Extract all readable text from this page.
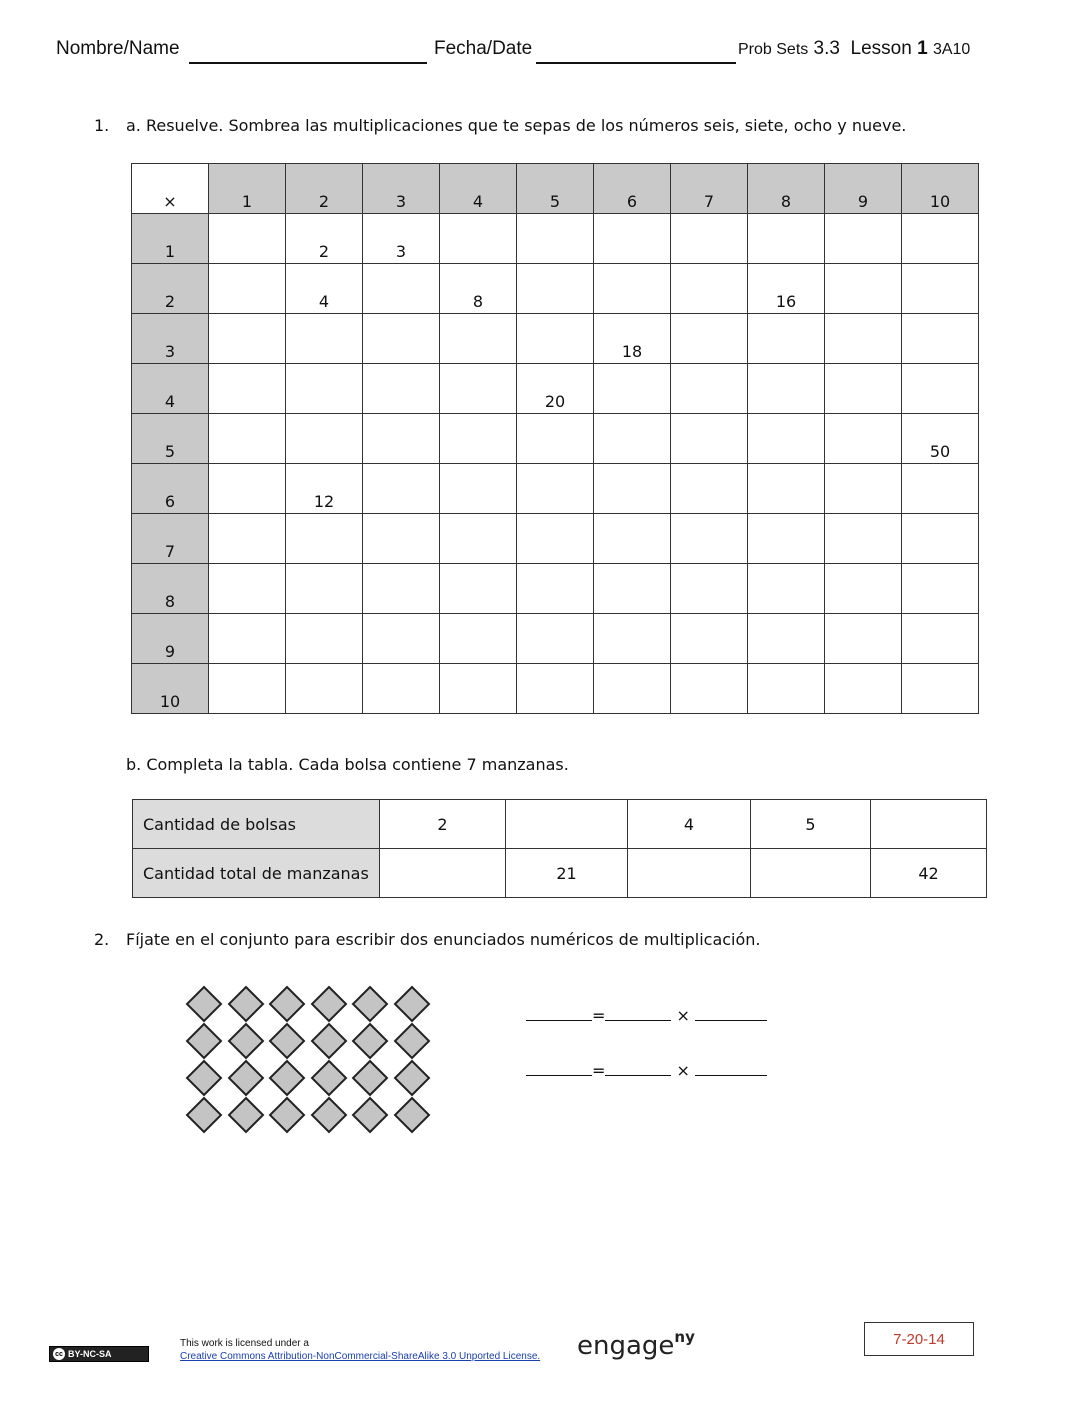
Nombre/Name	Fecha/Date	Prob Sets 3.3 Lesson 1 3A10
1. a. Resuelve. Sombrea las multiplicaciones que te sepas de los números seis, siete, ocho y nueve.
×	1	2	3	4	5	6	7	8	9	10
1		2	3							
2		4		8				16		
3						18				
4					20					
5										50
6		12								
7										
8										
9										
10										
b. Completa la tabla. Cada bolsa contiene 7 manzanas.
Cantidad de bolsas	2		4	5	
Cantidad total de manzanas		21			42
2. Fíjate en el conjunto para escribir dos enunciados numéricos de multiplicación.
=	×
=	×
cc BY-NC-SA
This work is licensed under a
Creative Commons Attribution-NonCommercial-ShareAlike 3.0 Unported License. engage$^{ny}$	7-20-14
